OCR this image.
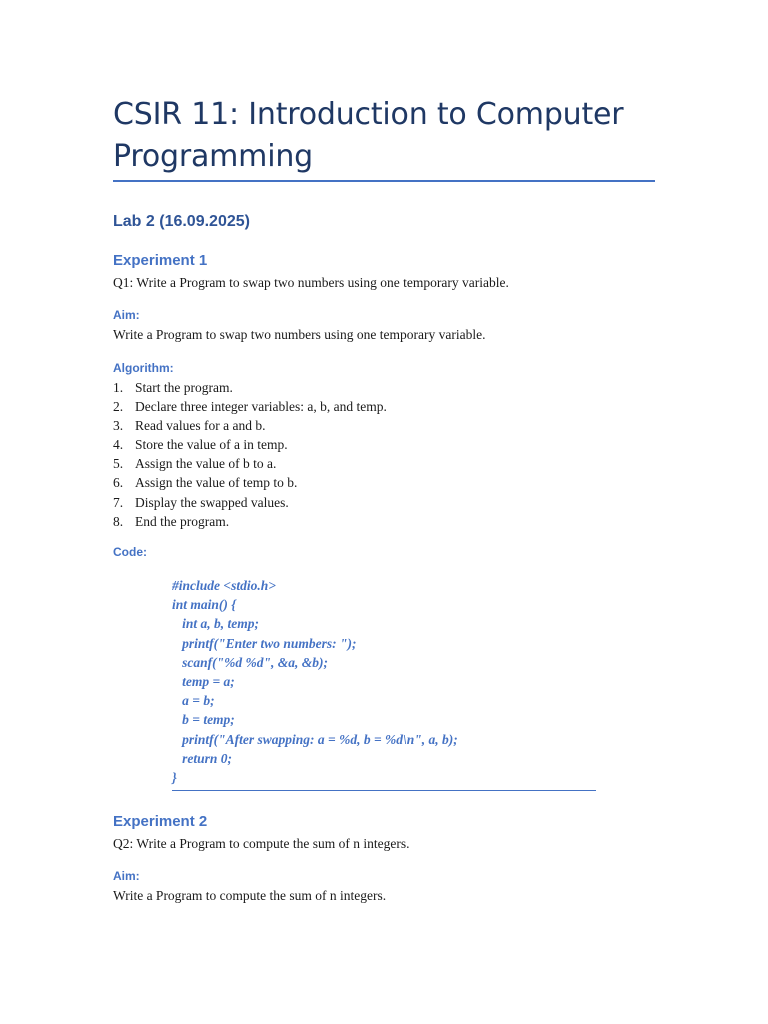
CSIR 11: Introduction to Computer Programming
Lab 2 (16.09.2025)
Experiment 1
Q1: Write a Program to swap two numbers using one temporary variable.
Aim:
Write a Program to swap two numbers using one temporary variable.
Algorithm:
1. Start the program.
2. Declare three integer variables: a, b, and temp.
3. Read values for a and b.
4. Store the value of a in temp.
5. Assign the value of b to a.
6. Assign the value of temp to b.
7. Display the swapped values.
8. End the program.
Code:
#include <stdio.h>
int main() {
int a, b, temp;
printf("Enter two numbers: ");
scanf("%d %d", &a, &b);
temp = a;
a = b;
b = temp;
printf("After swapping: a = %d, b = %d\n", a, b);
return 0;
}
Experiment 2
Q2: Write a Program to compute the sum of n integers.
Aim:
Write a Program to compute the sum of n integers.
